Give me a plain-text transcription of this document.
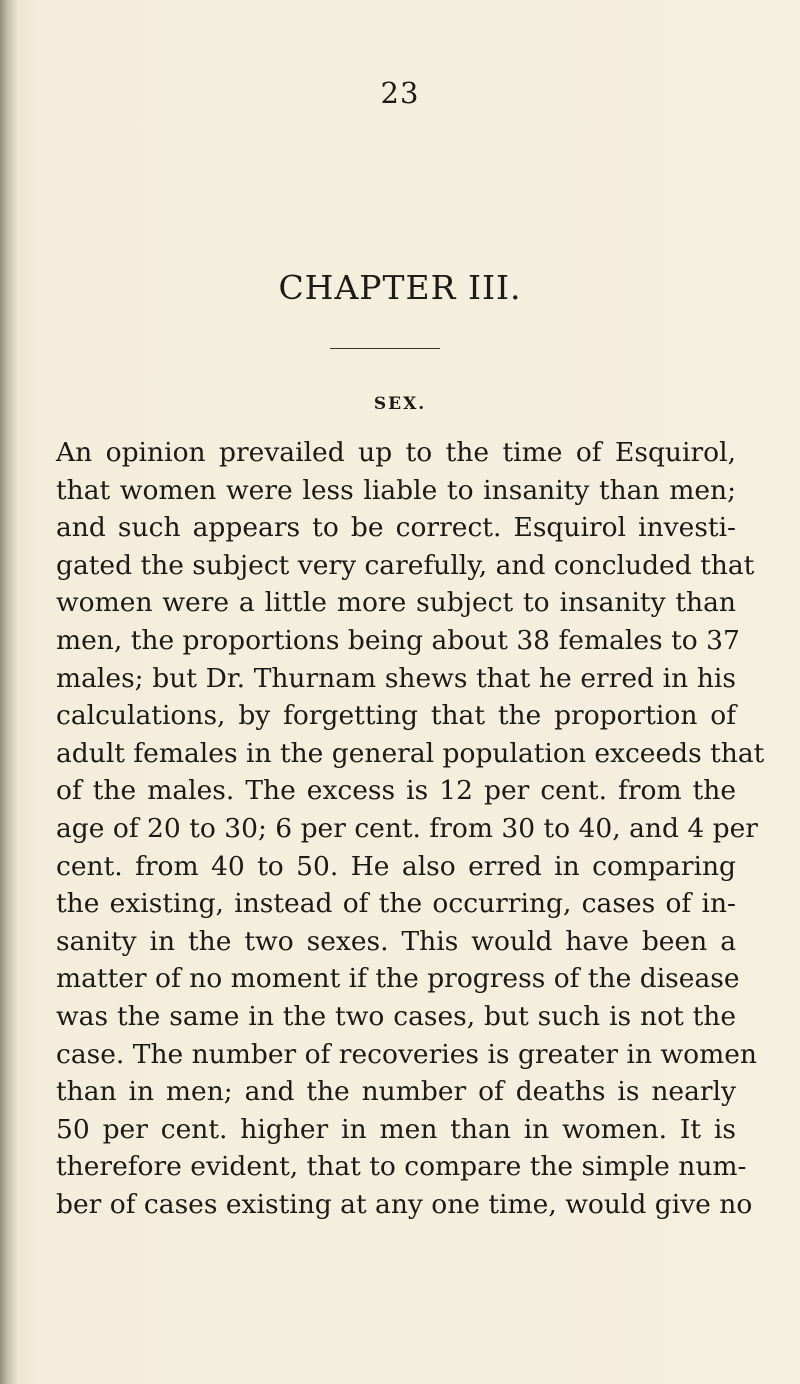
23

CHAPTER III.
SEX.
An opinion prevailed up to the time of Esquirol,
that women were less liable to insanity than men;
and such appears to be correct. Esquirol investi-
gated the subject very carefully, and concluded that
women were a little more subject to insanity than
men, the proportions being about 38 females to 37
males; but Dr. Thurnam shews that he erred in his
calculations, by forgetting that the proportion of
adult females in the general population exceeds that
of the males. The excess is 12 per cent. from the
age of 20 to 30; 6 per cent. from 30 to 40, and 4 per
cent. from 40 to 50. He also erred in comparing
the existing, instead of the occurring, cases of in-
sanity in the two sexes. This would have been a
matter of no moment if the progress of the disease
was the same in the two cases, but such is not the
case. The number of recoveries is greater in women
than in men; and the number of deaths is nearly
50 per cent. higher in men than in women. It is
therefore evident, that to compare the simple num-
ber of cases existing at any one time, would give no
